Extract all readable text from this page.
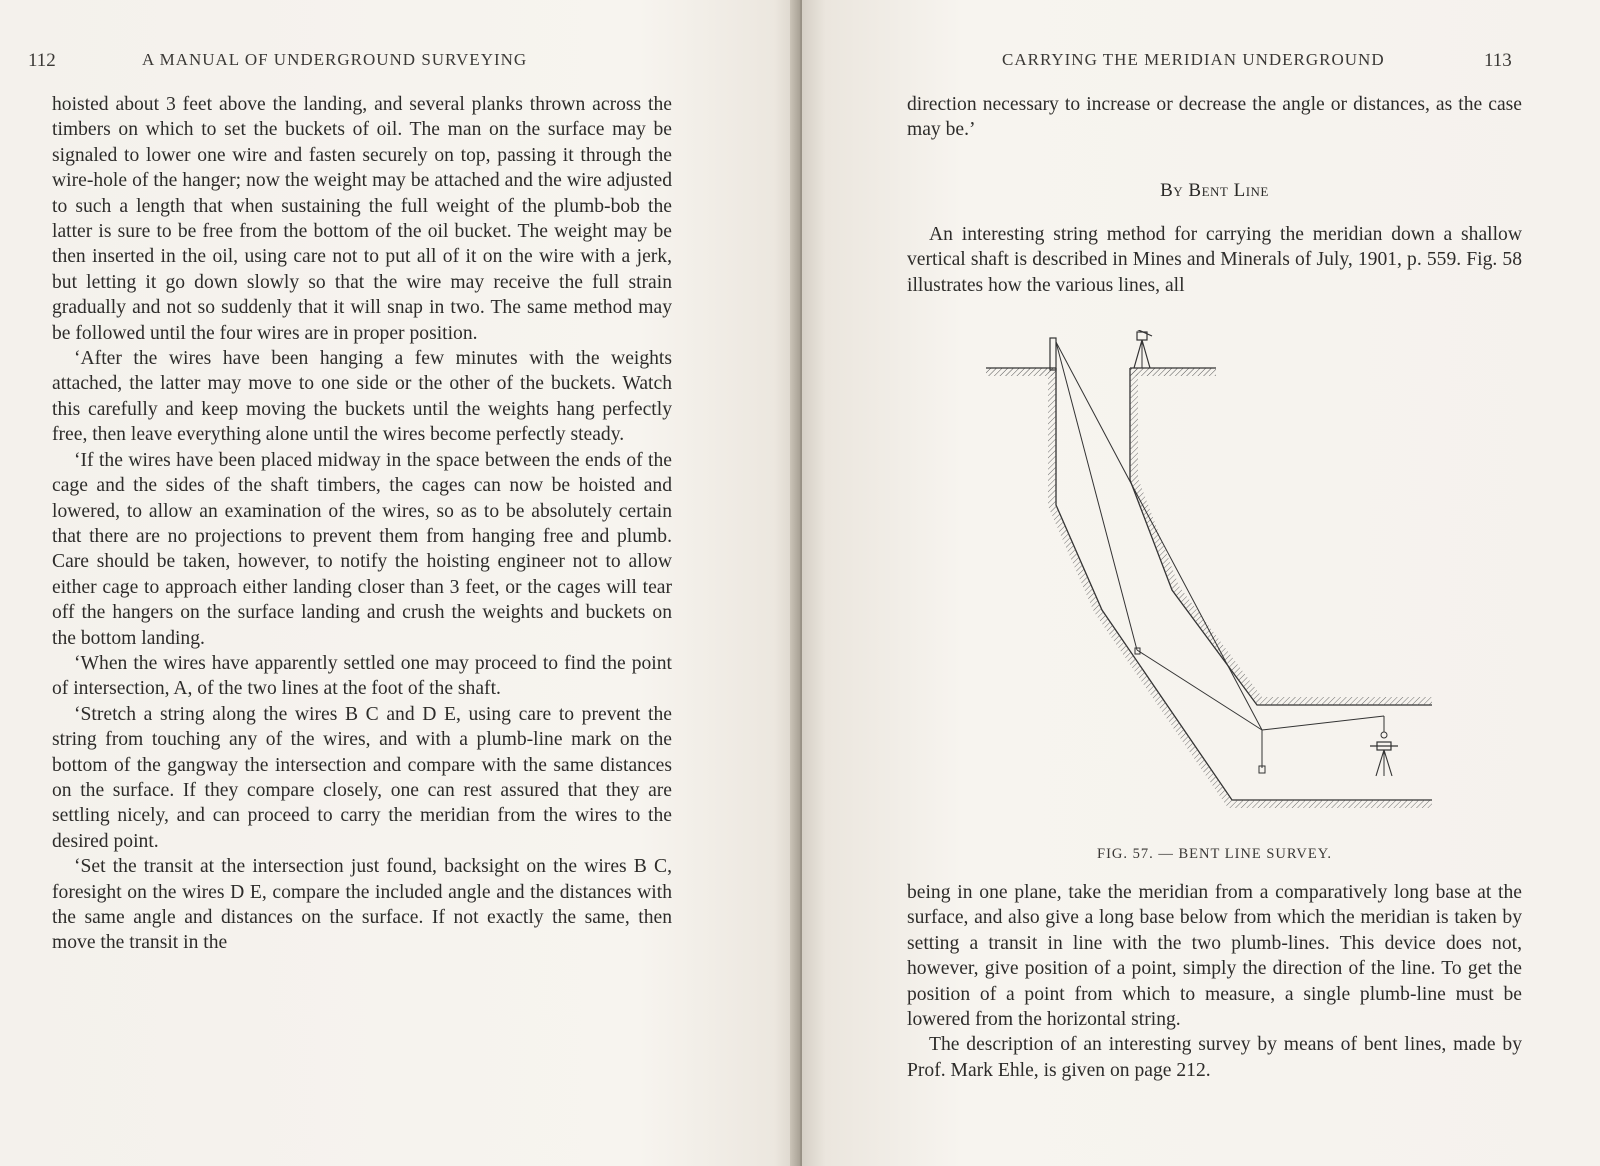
112	A MANUAL OF UNDERGROUND SURVEYING

hoisted about 3 feet above the landing, and several planks thrown across the timbers on which to set the buckets of oil. The man on the surface may be signaled to lower one wire and fasten securely on top, passing it through the wire-hole of the hanger; now the weight may be attached and the wire adjusted to such a length that when sustaining the full weight of the plumb-bob the latter is sure to be free from the bottom of the oil bucket. The weight may be then inserted in the oil, using care not to put all of it on the wire with a jerk, but letting it go down slowly so that the wire may receive the full strain gradually and not so suddenly that it will snap in two. The same method may be followed until the four wires are in proper position.

‘After the wires have been hanging a few minutes with the weights attached, the latter may move to one side or the other of the buckets. Watch this carefully and keep moving the buckets until the weights hang perfectly free, then leave everything alone until the wires become perfectly steady.

‘If the wires have been placed midway in the space between the ends of the cage and the sides of the shaft timbers, the cages can now be hoisted and lowered, to allow an examination of the wires, so as to be absolutely certain that there are no projections to prevent them from hanging free and plumb. Care should be taken, however, to notify the hoisting engineer not to allow either cage to approach either landing closer than 3 feet, or the cages will tear off the hangers on the surface landing and crush the weights and buckets on the bottom landing.

‘When the wires have apparently settled one may proceed to find the point of intersection, A, of the two lines at the foot of the shaft.

‘Stretch a string along the wires B C and D E, using care to prevent the string from touching any of the wires, and with a plumb-line mark on the bottom of the gangway the intersection and compare with the same distances on the surface. If they compare closely, one can rest assured that they are settling nicely, and can proceed to carry the meridian from the wires to the desired point.

‘Set the transit at the intersection just found, backsight on the wires B C, foresight on the wires D E, compare the included angle and the distances with the same angle and distances on the surface. If not exactly the same, then move the transit in the

CARRYING THE MERIDIAN UNDERGROUND	113

direction necessary to increase or decrease the angle or distances, as the case may be.’

By Bent Line

An interesting string method for carrying the meridian down a shallow vertical shaft is described in Mines and Minerals of July, 1901, p. 559. Fig. 58 illustrates how the various lines, all

FIG. 57. — BENT LINE SURVEY.

being in one plane, take the meridian from a comparatively long base at the surface, and also give a long base below from which the meridian is taken by setting a transit in line with the two plumb-lines. This device does not, however, give position of a point, simply the direction of the line. To get the position of a point from which to measure, a single plumb-line must be lowered from the horizontal string.

The description of an interesting survey by means of bent lines, made by Prof. Mark Ehle, is given on page 212.
